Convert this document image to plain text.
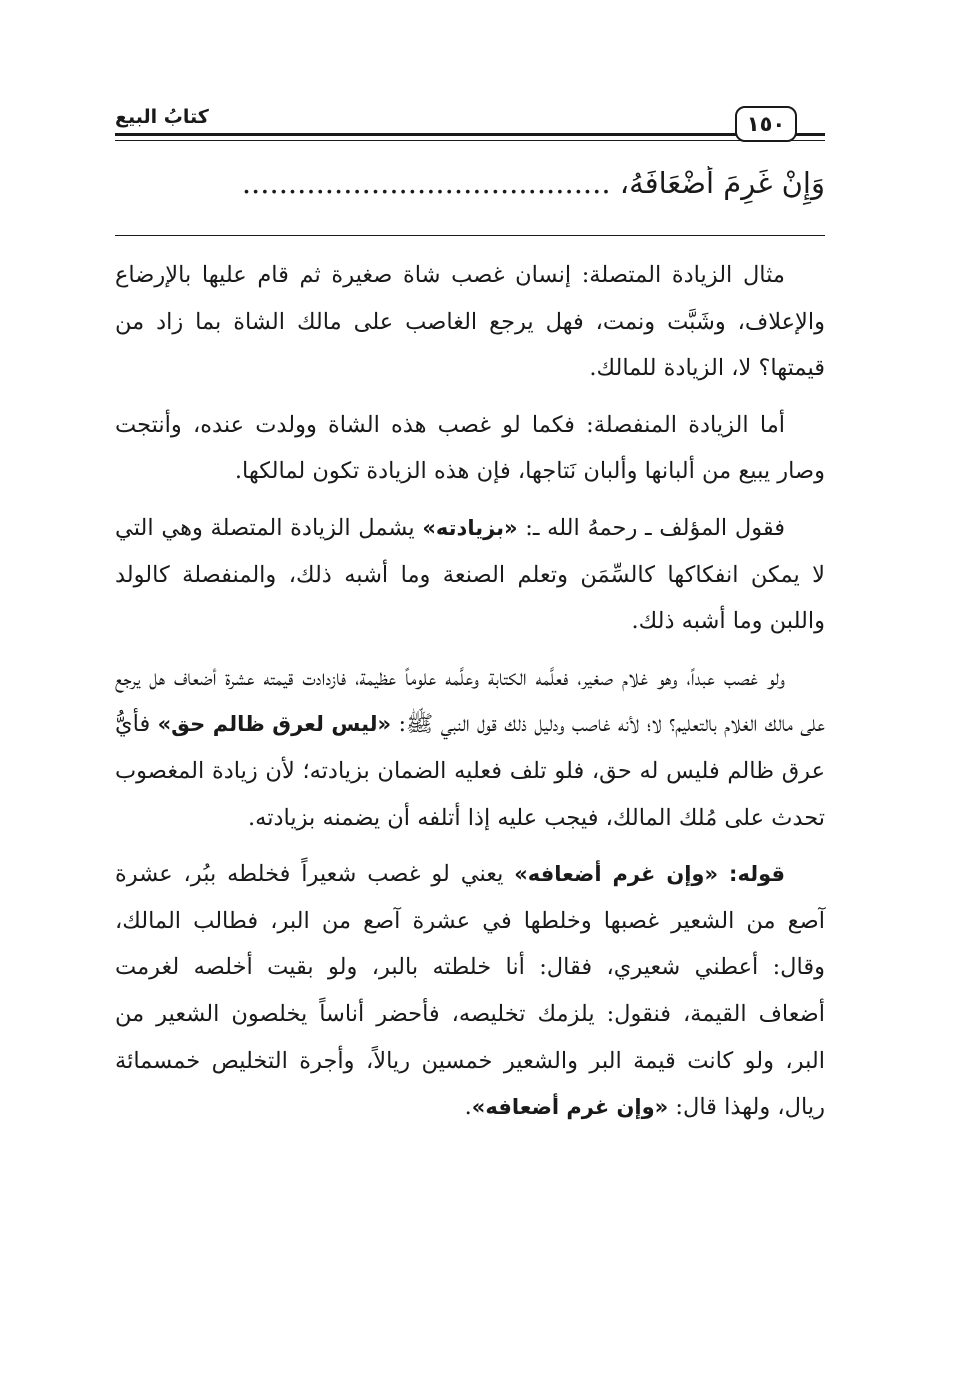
كتابُ البيع	١٥٠
وَإِنْ غَرِمَ أَضْعَافَهُ، ........................................

مثال الزيادة المتصلة: إنسان غصب شاة صغيرة ثم قام عليها بالإرضاع والإعلاف، وشَبَّت ونمت، فهل يرجع الغاصب على مالك الشاة بما زاد من قيمتها؟ لا، الزيادة للمالك.

أما الزيادة المنفصلة: فكما لو غصب هذه الشاة وولدت عنده، وأنتجت وصار يبيع من ألبانها وألبان نَتاجها، فإن هذه الزيادة تكون لمالكها.

فقول المؤلف ـ رحمهُ الله ـ: «بزيادته» يشمل الزيادة المتصلة وهي التي لا يمكن انفكاكها كالسِّمَن وتعلم الصنعة وما أشبه ذلك، والمنفصلة كالولد واللبن وما أشبه ذلك.

ولو غصب عبداً، وهو غلام صغير، فعلَّمه الكتابة وعلَّمه علوماً عظيمة، فازدادت قيمته عشرة أضعاف هل يرجع على مالك الغلام بالتعليم؟ لا؛ لأنه غاصب ودليل ذلك قول النبي ﷺ: «ليس لعرق ظالم حق» فأيُّ عرق ظالم فليس له حق، فلو تلف فعليه الضمان بزيادته؛ لأن زيادة المغصوب تحدث على مُلك المالك، فيجب عليه إذا أتلفه أن يضمنه بزيادته.

قوله: «وإن غرم أضعافه» يعني لو غصب شعيراً فخلطه ببُر، عشرة آصع من الشعير غصبها وخلطها في عشرة آصع من البر، فطالب المالك، وقال: أعطني شعيري، فقال: أنا خلطته بالبر، ولو بقيت أخلصه لغرمت أضعاف القيمة، فنقول: يلزمك تخليصه، فأحضر أناساً يخلصون الشعير من البر، ولو كانت قيمة البر والشعير خمسين ريالاً، وأجرة التخليص خمسمائة ريال، ولهذا قال: «وإن غرم أضعافه».
